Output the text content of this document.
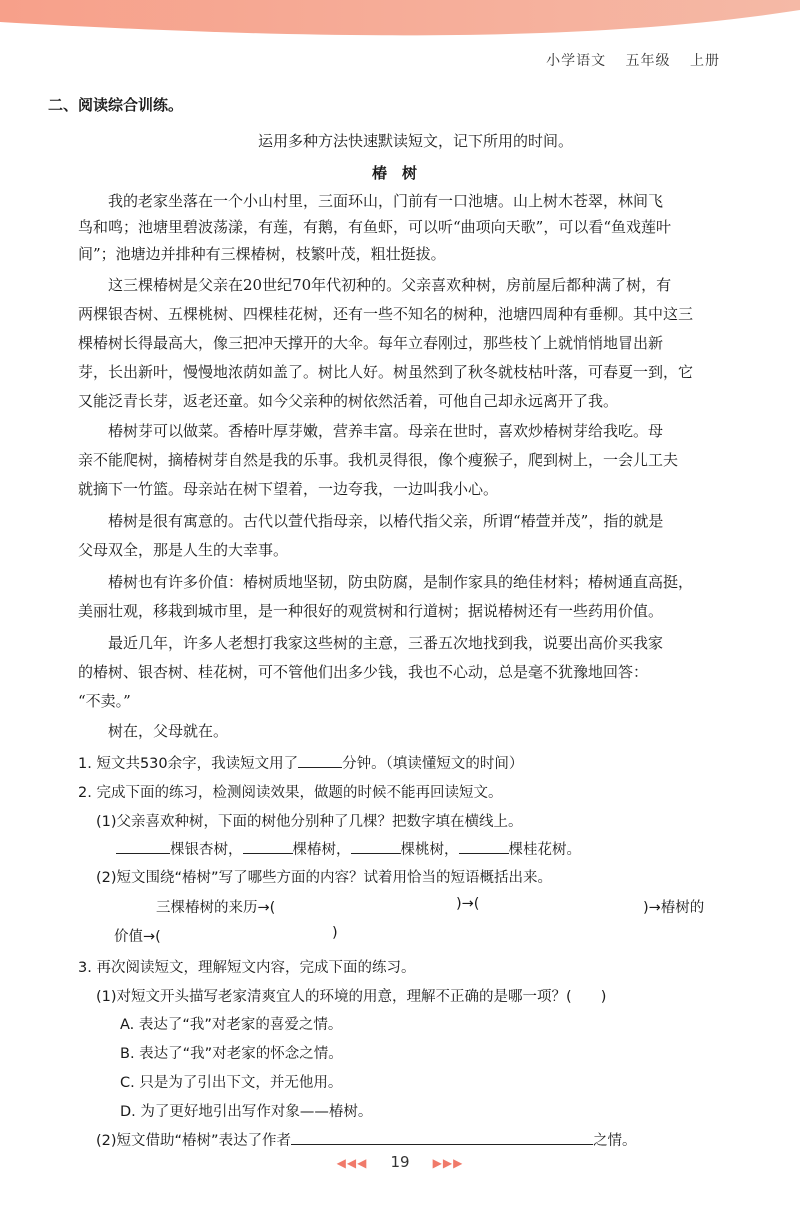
小学语文 五年级 上册
二、阅读综合训练。
运用多种方法快速默读短文，记下所用的时间。
椿　树
我的老家坐落在一个小山村里，三面环山，门前有一口池塘。山上树木苍翠，林间飞
鸟和鸣；池塘里碧波荡漾，有莲，有鹅，有鱼虾，可以听“曲项向天歌”，可以看“鱼戏莲叶
间”；池塘边并排种有三棵椿树，枝繁叶茂，粗壮挺拔。
这三棵椿树是父亲在20世纪70年代初种的。父亲喜欢种树，房前屋后都种满了树，有
两棵银杏树、五棵桃树、四棵桂花树，还有一些不知名的树种，池塘四周种有垂柳。其中这三
棵椿树长得最高大，像三把冲天撑开的大伞。每年立春刚过，那些枝丫上就悄悄地冒出新
芽，长出新叶，慢慢地浓荫如盖了。树比人好。树虽然到了秋冬就枝枯叶落，可春夏一到，它
又能泛青长芽，返老还童。如今父亲种的树依然活着，可他自己却永远离开了我。
椿树芽可以做菜。香椿叶厚芽嫩，营养丰富。母亲在世时，喜欢炒椿树芽给我吃。母
亲不能爬树，摘椿树芽自然是我的乐事。我机灵得很，像个瘦猴子，爬到树上，一会儿工夫
就摘下一竹篮。母亲站在树下望着，一边夸我，一边叫我小心。
椿树是很有寓意的。古代以萱代指母亲，以椿代指父亲，所谓“椿萱并茂”，指的就是
父母双全，那是人生的大幸事。
椿树也有许多价值：椿树质地坚韧，防虫防腐，是制作家具的绝佳材料；椿树通直高挺，
美丽壮观，移栽到城市里，是一种很好的观赏树和行道树；据说椿树还有一些药用价值。
最近几年，许多人老想打我家这些树的主意，三番五次地找到我，说要出高价买我家
的椿树、银杏树、桂花树，可不管他们出多少钱，我也不心动，总是毫不犹豫地回答：
“不卖。”
树在，父母就在。
1. 短文共530余字，我读短文用了	分钟。（填读懂短文的时间）
2. 完成下面的练习，检测阅读效果，做题的时候不能再回读短文。
(1)父亲喜欢种树，下面的树他分别种了几棵？把数字填在横线上。
棵银杏树，	棵椿树，	棵桃树，	棵桂花树。
(2)短文围绕“椿树”写了哪些方面的内容？试着用恰当的短语概括出来。
三棵椿树的来历→(	)→(	)→椿树的
价值→(	)
3. 再次阅读短文，理解短文内容，完成下面的练习。
(1)对短文开头描写老家清爽宜人的环境的用意，理解不正确的是哪一项？(　　)
A. 表达了“我”对老家的喜爱之情。
B. 表达了“我”对老家的怀念之情。
C. 只是为了引出下文，并无他用。
D. 为了更好地引出写作对象——椿树。
(2)短文借助“椿树”表达了作者	之情。
◀◀◀ 19 ▶▶▶
